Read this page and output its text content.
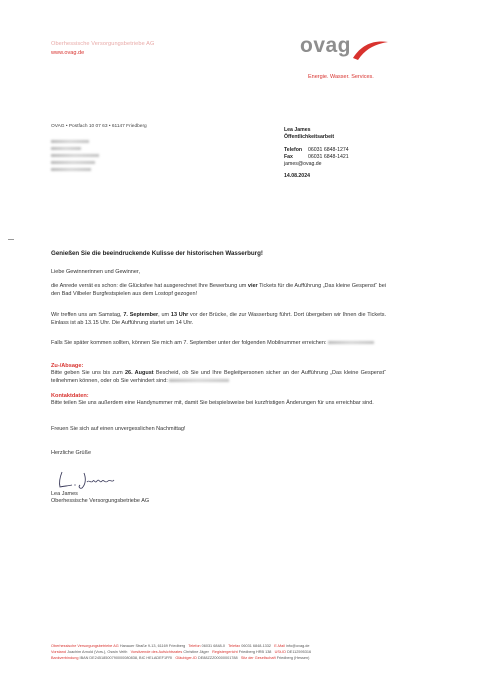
Oberhessische Versorgungsbetriebe AG
www.ovag.de	ovag
Energie. Wasser. Services.
OVAG • Postfach 10 07 63 • 61147 Friedberg
Lea James
Öffentlichkeitsarbeit
Telefon 06031 6848-1274
Fax	06031 6848-1421
james@ovag.de
14.08.2024
Genießen Sie die beeindruckende Kulisse der historischen Wasserburg!
Liebe Gewinnerinnen und Gewinner,
die Anrede verrät es schon: die Glücksfee hat ausgerechnet Ihre Bewerbung um vier Tickets für die Aufführung „Das kleine Gespenst“ bei den Bad Vilbeler Burgfestspielen aus dem Lostopf gezogen!
Wir treffen uns am Samstag, 7. September, um 13 Uhr vor der Brücke, die zur Wasserburg führt. Dort übergeben wir Ihnen die Tickets. Einlass ist ab 13.15 Uhr. Die Aufführung startet um 14 Uhr.
Falls Sie später kommen sollten, können Sie mich am 7. September unter der folgenden Mobilnummer erreichen:
Zu-/Absage:
Bitte geben Sie uns bis zum 26. August Bescheid, ob Sie und Ihre Begleitpersonen sicher an der Aufführung „Das kleine Gespenst“ teilnehmen können, oder ob Sie verhindert sind:
Kontaktdaten:
Bitte teilen Sie uns außerdem eine Handynummer mit, damit Sie beispielsweise bei kurzfristigen Änderungen für uns erreichbar sind.
Freuen Sie sich auf einen unvergesslichen Nachmittag!
Herzliche Grüße
Lea James
Oberhessische Versorgungsbetriebe AG
Oberhessische Versorgungsbetriebe AG Hanauer Straße 9-13, 61169 Friedberg Telefon 06031 6848-0 Telefax 06031 6848-1332 E-Mail info@ovag.de
Vorstand Joachim Arnold (Vors.), Oswin Veith Vorsitzende des Aufsichtsrates Christine Jäger Registergericht Friedberg HRB 138 USt-ID DE112595316
Bankverbindung IBAN DE24518500790000080838, BIC HELADEF1FRI Gläubiger-ID DE88ZZZ00000001788 Sitz der Gesellschaft Friedberg (Hessen)
